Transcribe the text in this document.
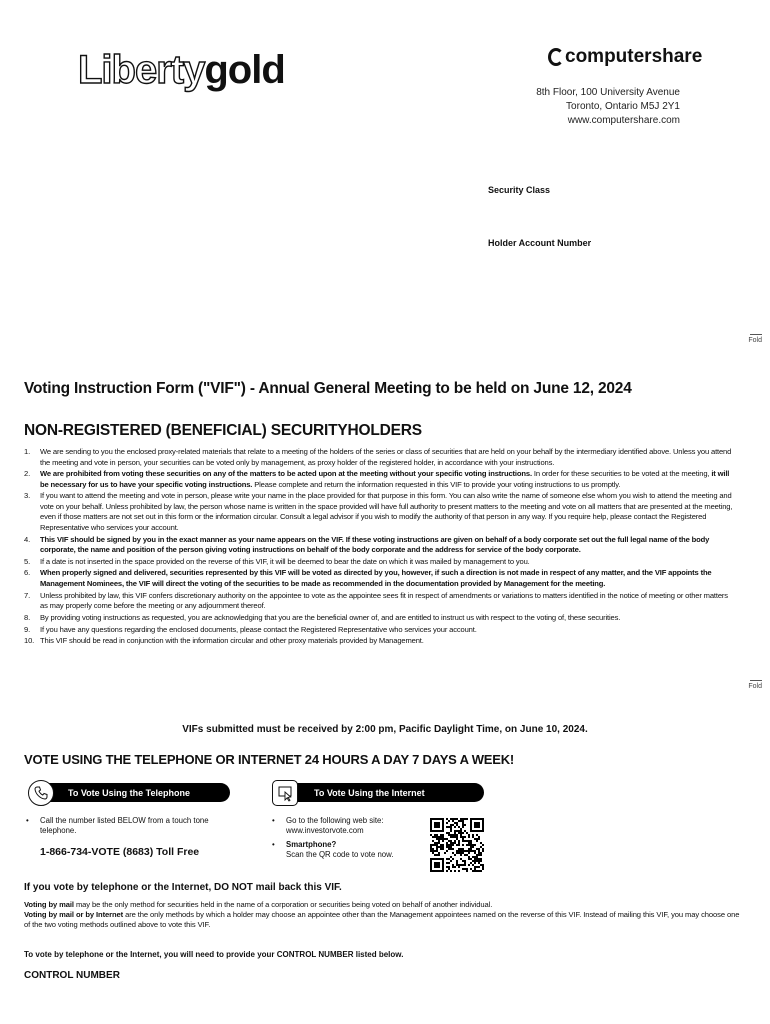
Libertygold	computershare
8th Floor, 100 University Avenue
Toronto, Ontario M5J 2Y1
www.computershare.com
Security Class
Holder Account Number
Fold
Fold
Voting Instruction Form ("VIF") - Annual General Meeting to be held on June 12, 2024
NON-REGISTERED (BENEFICIAL) SECURITYHOLDERS
1. We are sending to you the enclosed proxy-related materials that relate to a meeting of the holders of the series or class of securities that are held on your behalf by the intermediary identified above. Unless you attend the meeting and vote in person, your securities can be voted only by management, as proxy holder of the registered holder, in accordance with your instructions.
2. We are prohibited from voting these securities on any of the matters to be acted upon at the meeting without your specific voting instructions. In order for these securities to be voted at the meeting, it will be necessary for us to have your specific voting instructions. Please complete and return the information requested in this VIF to provide your voting instructions to us promptly.
3. If you want to attend the meeting and vote in person, please write your name in the place provided for that purpose in this form. You can also write the name of someone else whom you wish to attend the meeting and vote on your behalf. Unless prohibited by law, the person whose name is written in the space provided will have full authority to present matters to the meeting and vote on all matters that are presented at the meeting, even if those matters are not set out in this form or the information circular. Consult a legal advisor if you wish to modify the authority of that person in any way. If you require help, please contact the Registered Representative who services your account.
4. This VIF should be signed by you in the exact manner as your name appears on the VIF. If these voting instructions are given on behalf of a body corporate set out the full legal name of the body corporate, the name and position of the person giving voting instructions on behalf of the body corporate and the address for service of the body corporate.
5. If a date is not inserted in the space provided on the reverse of this VIF, it will be deemed to bear the date on which it was mailed by management to you.
6. When properly signed and delivered, securities represented by this VIF will be voted as directed by you, however, if such a direction is not made in respect of any matter, and the VIF appoints the Management Nominees, the VIF will direct the voting of the securities to be made as recommended in the documentation provided by Management for the meeting.
7. Unless prohibited by law, this VIF confers discretionary authority on the appointee to vote as the appointee sees fit in respect of amendments or variations to matters identified in the notice of meeting or other matters as may properly come before the meeting or any adjournment thereof.
8. By providing voting instructions as requested, you are acknowledging that you are the beneficial owner of, and are entitled to instruct us with respect to the voting of, these securities.
9. If you have any questions regarding the enclosed documents, please contact the Registered Representative who services your account.
10. This VIF should be read in conjunction with the information circular and other proxy materials provided by Management.
VIFs submitted must be received by 2:00 pm, Pacific Daylight Time, on June 10, 2024.
VOTE USING THE TELEPHONE OR INTERNET 24 HOURS A DAY 7 DAYS A WEEK!
To Vote Using the Telephone	To Vote Using the Internet
• Call the number listed BELOW from a touch tone telephone.
1-866-734-VOTE (8683) Toll Free
• Go to the following web site:
www.investorvote.com
• Smartphone?
Scan the QR code to vote now.
If you vote by telephone or the Internet, DO NOT mail back this VIF.
Voting by mail may be the only method for securities held in the name of a corporation or securities being voted on behalf of another individual.
Voting by mail or by Internet are the only methods by which a holder may choose an appointee other than the Management appointees named on the reverse of this VIF. Instead of mailing this VIF, you may choose one of the two voting methods outlined above to vote this VIF.
To vote by telephone or the Internet, you will need to provide your CONTROL NUMBER listed below.
CONTROL NUMBER
